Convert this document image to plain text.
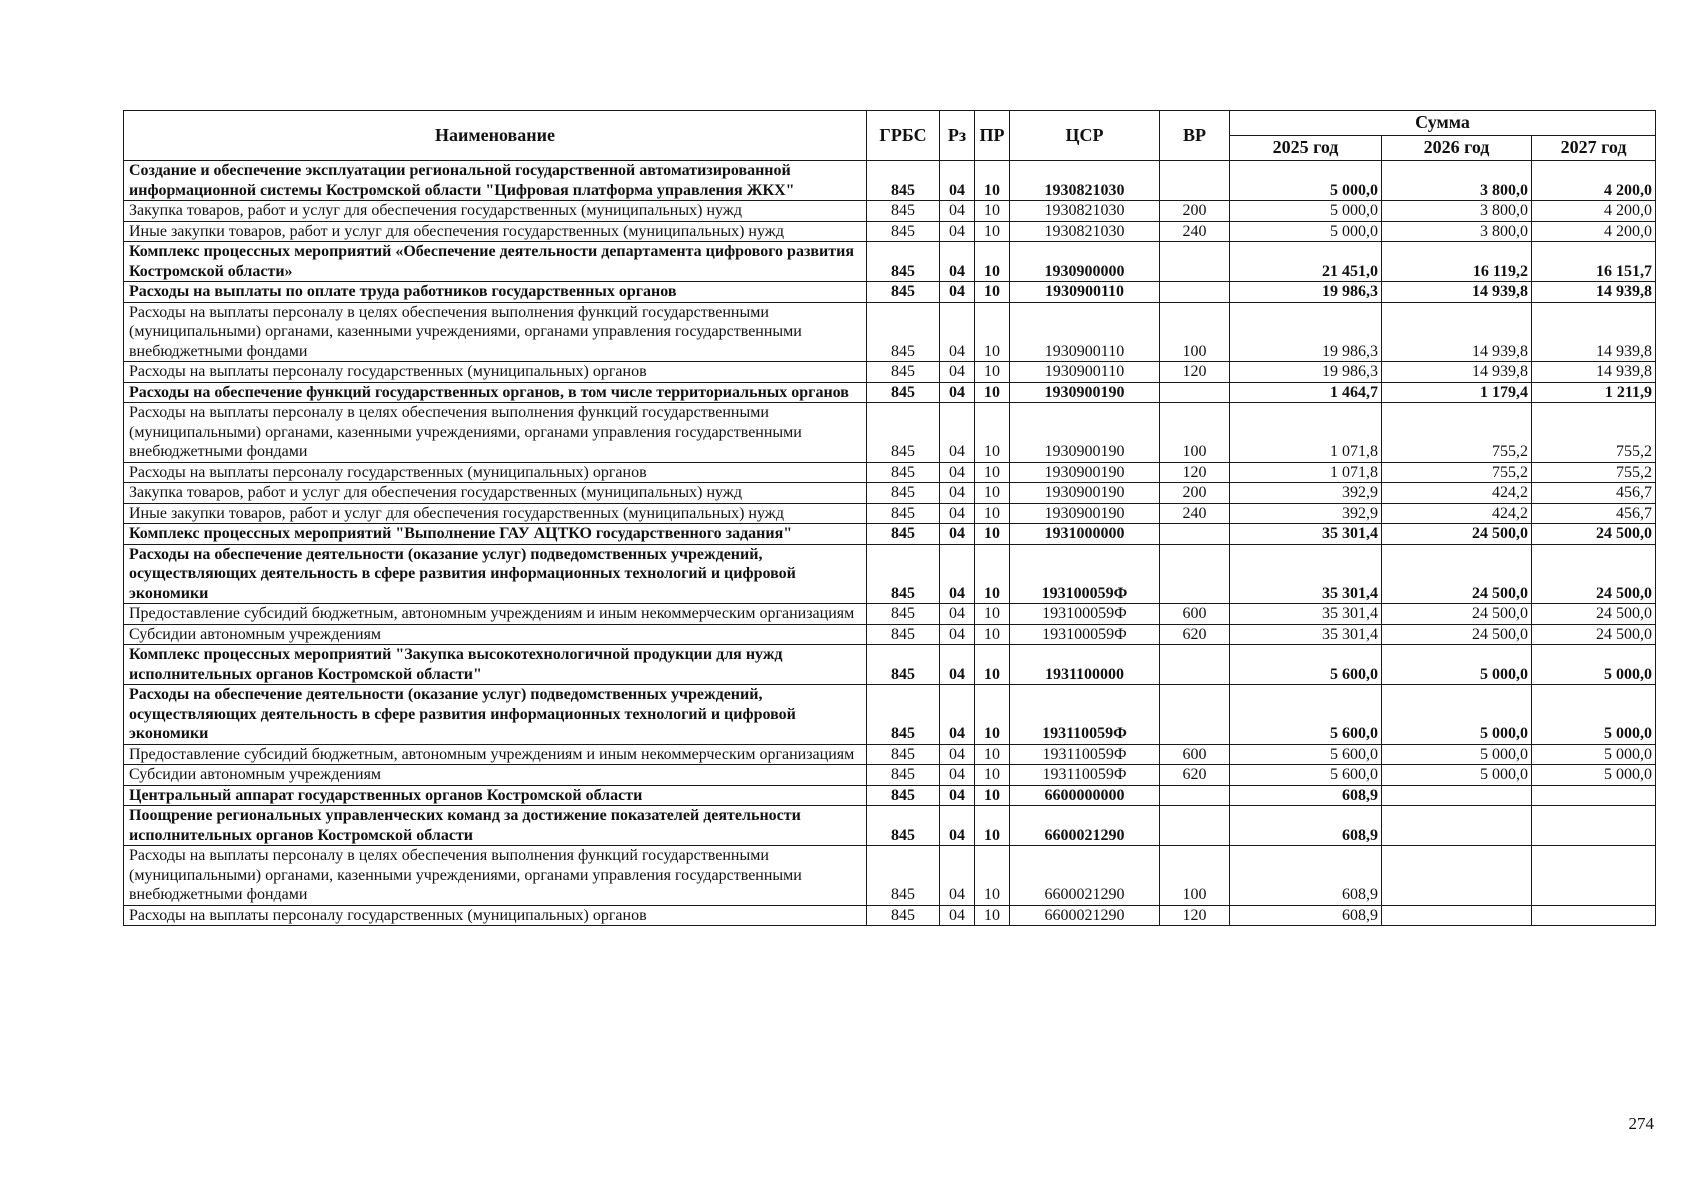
Наименование	ГРБС	Рз	ПР	ЦСР	ВР	Сумма		
						2025 год	2026 год	2027 год
Создание и обеспечение эксплуатации региональной государственной автоматизированной информационной системы Костромской области "Цифровая платформа управления ЖКХ"	845	04	10	1930821030		5 000,0	3 800,0	4 200,0
Закупка товаров, работ и услуг для обеспечения государственных (муниципальных) нужд	845	04	10	1930821030	200	5 000,0	3 800,0	4 200,0
Иные закупки товаров, работ и услуг для обеспечения государственных (муниципальных) нужд	845	04	10	1930821030	240	5 000,0	3 800,0	4 200,0
Комплекс процессных мероприятий «Обеспечение деятельности департамента цифрового развития Костромской области»	845	04	10	1930900000		21 451,0	16 119,2	16 151,7
Расходы на выплаты по оплате труда работников государственных органов	845	04	10	1930900110		19 986,3	14 939,8	14 939,8
Расходы на выплаты персоналу в целях обеспечения выполнения функций государственными (муниципальными) органами, казенными учреждениями, органами управления государственными внебюджетными фондами	845	04	10	1930900110	100	19 986,3	14 939,8	14 939,8
Расходы на выплаты персоналу государственных (муниципальных) органов	845	04	10	1930900110	120	19 986,3	14 939,8	14 939,8
Расходы на обеспечение функций государственных органов, в том числе территориальных органов	845	04	10	1930900190		1 464,7	1 179,4	1 211,9
Расходы на выплаты персоналу в целях обеспечения выполнения функций государственными (муниципальными) органами, казенными учреждениями, органами управления государственными внебюджетными фондами	845	04	10	1930900190	100	1 071,8	755,2	755,2
Расходы на выплаты персоналу государственных (муниципальных) органов	845	04	10	1930900190	120	1 071,8	755,2	755,2
Закупка товаров, работ и услуг для обеспечения государственных (муниципальных) нужд	845	04	10	1930900190	200	392,9	424,2	456,7
Иные закупки товаров, работ и услуг для обеспечения государственных (муниципальных) нужд	845	04	10	1930900190	240	392,9	424,2	456,7
Комплекс процессных мероприятий "Выполнение ГАУ АЦТКО государственного задания"	845	04	10	1931000000		35 301,4	24 500,0	24 500,0
Расходы на обеспечение деятельности (оказание услуг) подведомственных учреждений, осуществляющих деятельность в сфере развития информационных технологий и цифровой экономики	845	04	10	193100059Ф		35 301,4	24 500,0	24 500,0
Предоставление субсидий бюджетным, автономным учреждениям и иным некоммерческим организациям	845	04	10	193100059Ф	600	35 301,4	24 500,0	24 500,0
Субсидии автономным учреждениям	845	04	10	193100059Ф	620	35 301,4	24 500,0	24 500,0
Комплекс процессных мероприятий "Закупка высокотехнологичной продукции для нужд исполнительных органов Костромской области"	845	04	10	1931100000		5 600,0	5 000,0	5 000,0
Расходы на обеспечение деятельности (оказание услуг) подведомственных учреждений, осуществляющих деятельность в сфере развития информационных технологий и цифровой экономики	845	04	10	193110059Ф		5 600,0	5 000,0	5 000,0
Предоставление субсидий бюджетным, автономным учреждениям и иным некоммерческим организациям	845	04	10	193110059Ф	600	5 600,0	5 000,0	5 000,0
Субсидии автономным учреждениям	845	04	10	193110059Ф	620	5 600,0	5 000,0	5 000,0
Центральный аппарат государственных органов Костромской области	845	04	10	6600000000		608,9		
Поощрение региональных управленческих команд за достижение показателей деятельности исполнительных органов Костромской области	845	04	10	6600021290		608,9		
Расходы на выплаты персоналу в целях обеспечения выполнения функций государственными (муниципальными) органами, казенными учреждениями, органами управления государственными внебюджетными фондами	845	04	10	6600021290	100	608,9		
Расходы на выплаты персоналу государственных (муниципальных) органов	845	04	10	6600021290	120	608,9		
274
